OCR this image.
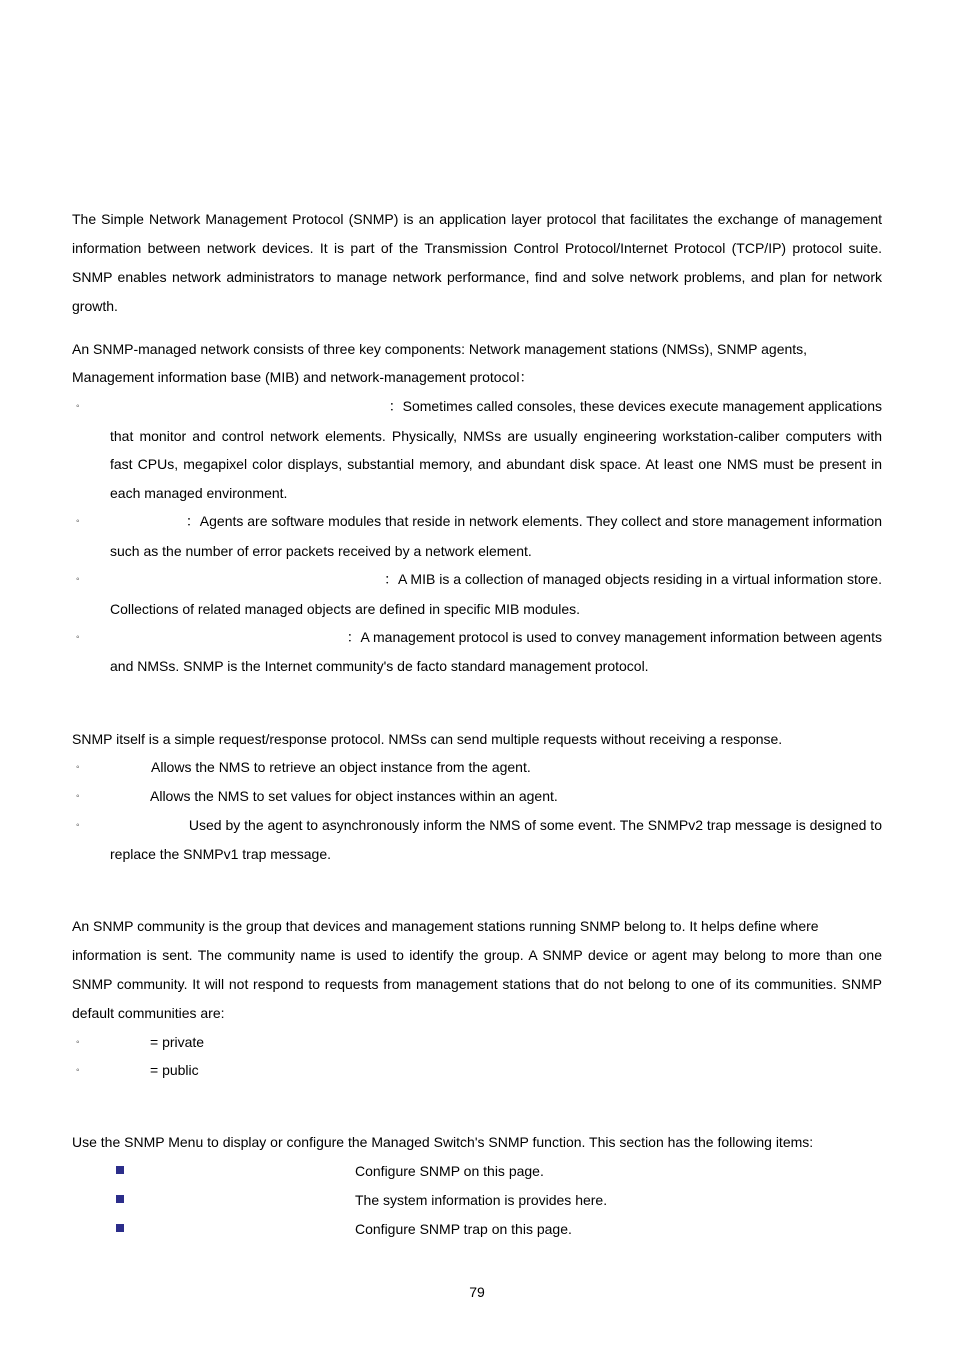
The Simple Network Management Protocol (SNMP) is an application layer protocol that facilitates the exchange of management
information between network devices. It is part of the Transmission Control Protocol/Internet Protocol (TCP/IP) protocol suite.
SNMP enables network administrators to manage network performance, find and solve network problems, and plan for network
growth.
An SNMP-managed network consists of three key components: Network management stations (NMSs), SNMP agents,
Management information base (MIB) and network-management protocol：
◦	：Sometimes called consoles, these devices execute management applications
that monitor and control network elements. Physically, NMSs are usually engineering workstation-caliber computers with
fast CPUs, megapixel color displays, substantial memory, and abundant disk space. At least one NMS must be present in
each managed environment.
◦	：Agents are software modules that reside in network elements. They collect and store management information
such as the number of error packets received by a network element.
◦	：A MIB is a collection of managed objects residing in a virtual information store.
Collections of related managed objects are defined in specific MIB modules.
◦	：A management protocol is used to convey management information between agents
and NMSs. SNMP is the Internet community's de facto standard management protocol.
SNMP itself is a simple request/response protocol. NMSs can send multiple requests without receiving a response.
◦	Allows the NMS to retrieve an object instance from the agent.
◦	Allows the NMS to set values for object instances within an agent.
◦	Used by the agent to asynchronously inform the NMS of some event. The SNMPv2 trap message is designed to
replace the SNMPv1 trap message.
An SNMP community is the group that devices and management stations running SNMP belong to. It helps define where
information is sent. The community name is used to identify the group. A SNMP device or agent may belong to more than one
SNMP community. It will not respond to requests from management stations that do not belong to one of its communities. SNMP
default communities are:
◦	= private
◦	= public
Use the SNMP Menu to display or configure the Managed Switch's SNMP function. This section has the following items:
Configure SNMP on this page.
The system information is provides here.
Configure SNMP trap on this page.
79
